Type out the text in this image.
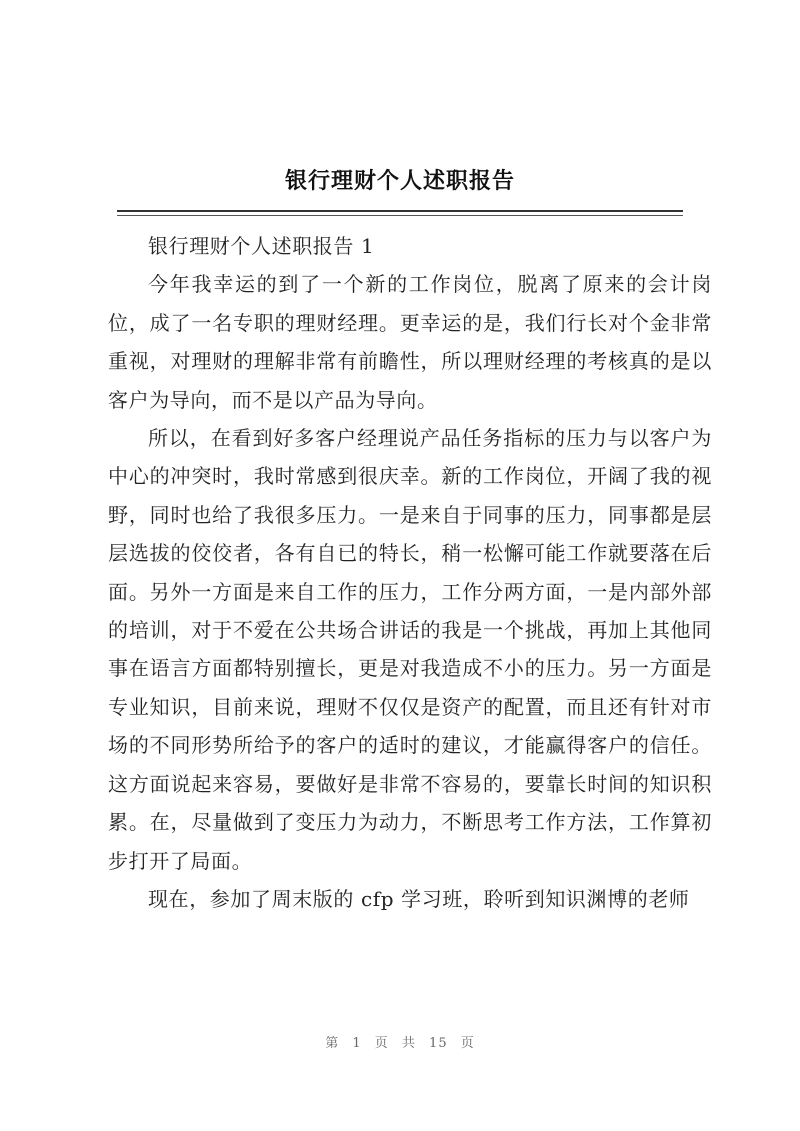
银行理财个人述职报告

银行理财个人述职报告 1

今年我幸运的到了一个新的工作岗位，脱离了原来的会计岗位，成了一名专职的理财经理。更幸运的是，我们行长对个金非常重视，对理财的理解非常有前瞻性，所以理财经理的考核真的是以客户为导向，而不是以产品为导向。

所以，在看到好多客户经理说产品任务指标的压力与以客户为中心的冲突时，我时常感到很庆幸。新的工作岗位，开阔了我的视野，同时也给了我很多压力。一是来自于同事的压力，同事都是层层选拔的佼佼者，各有自已的特长，稍一松懈可能工作就要落在后面。另外一方面是来自工作的压力，工作分两方面，一是内部外部的培训，对于不爱在公共场合讲话的我是一个挑战，再加上其他同事在语言方面都特别擅长，更是对我造成不小的压力。另一方面是专业知识，目前来说，理财不仅仅是资产的配置，而且还有针对市场的不同形势所给予的客户的适时的建议，才能赢得客户的信任。这方面说起来容易，要做好是非常不容易的，要靠长时间的知识积累。在，尽量做到了变压力为动力，不断思考工作方法，工作算初步打开了局面。

现在，参加了周末版的 cfp 学习班，聆听到知识渊博的老师

第 1 页 共 15 页
